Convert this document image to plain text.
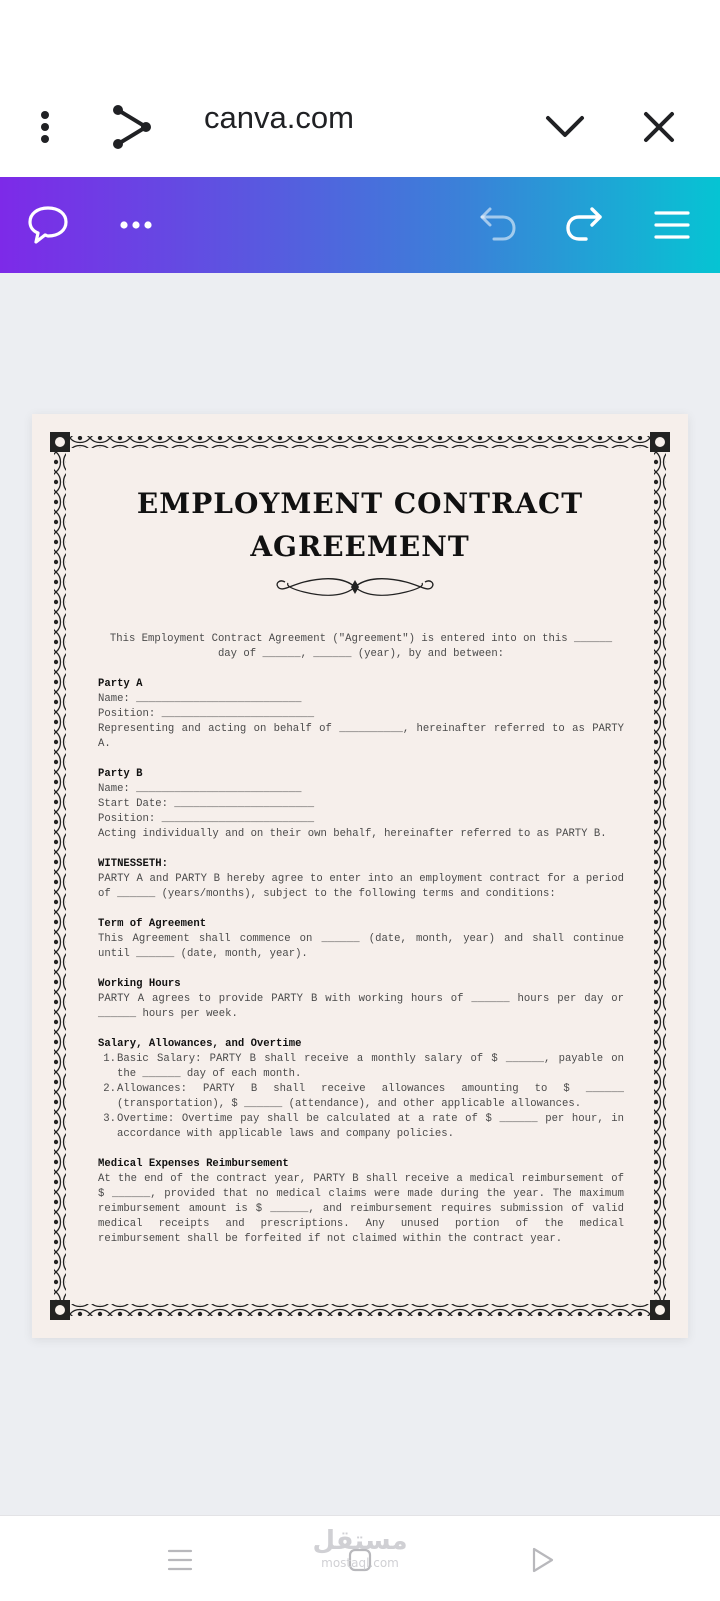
canva.com
EMPLOYMENT CONTRACT
AGREEMENT

This Employment Contract Agreement ("Agreement") is entered into on this ______ day of ______, ______ (year), by and between:

Party A

Name: __________________________

Position: ________________________

Representing and acting on behalf of __________, hereinafter referred to as PARTY A.

Party B

Name: __________________________

Start Date: ______________________

Position: ________________________

Acting individually and on their own behalf, hereinafter referred to as PARTY B.

WITNESSETH:

PARTY A and PARTY B hereby agree to enter into an employment contract for a period of ______ (years/months), subject to the following terms and conditions:

Term of Agreement

This Agreement shall commence on ______ (date, month, year) and shall continue until ______ (date, month, year).

Working Hours

PARTY A agrees to provide PARTY B with working hours of ______ hours per day or ______ hours per week.

Salary, Allowances, and Overtime

1. Basic Salary: PARTY B shall receive a monthly salary of $ ______, payable on the ______ day of each month.
2. Allowances: PARTY B shall receive allowances amounting to $ ______ (transportation), $ ______ (attendance), and other applicable allowances.
3. Overtime: Overtime pay shall be calculated at a rate of $ ______ per hour, in accordance with applicable laws and company policies.

Medical Expenses Reimbursement

At the end of the contract year, PARTY B shall receive a medical reimbursement of $ ______, provided that no medical claims were made during the year. The maximum reimbursement amount is $ ______, and reimbursement requires submission of valid medical receipts and prescriptions. Any unused portion of the medical reimbursement shall be forfeited if not claimed within the contract year.

مستقل
mostaql.com
